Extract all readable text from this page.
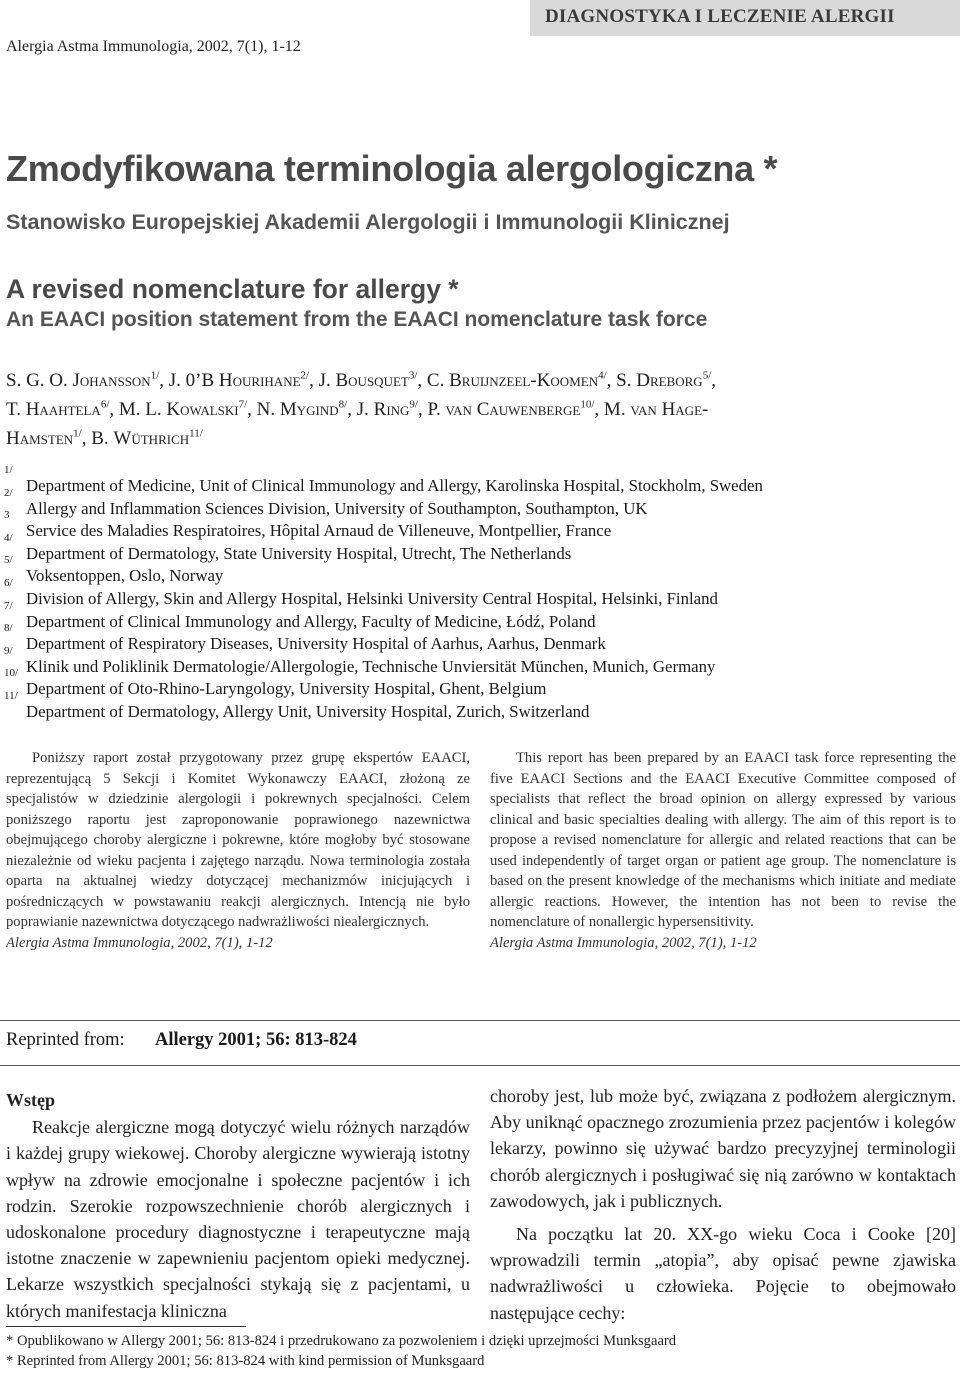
DIAGNOSTYKA I LECZENIE ALERGII
Alergia Astma Immunologia, 2002, 7(1), 1-12
Zmodyfikowana terminologia alergologiczna *
Stanowisko Europejskiej Akademii Alergologii i Immunologii Klinicznej
A revised nomenclature for allergy *
An EAACI position statement from the EAACI nomenclature task force
S. G. O. Johansson$^{1/}$, J. 0’B Hourihane$^{2/}$, J. Bousquet$^{3/}$, C. Bruijnzeel-Koomen$^{4/}$, S. Dreborg$^{5/}$,
T. Haahtela$^{6/}$, M. L. Kowalski$^{7/}$, N. Mygind$^{8/}$, J. Ring$^{9/}$, P. van Cauwenberge$^{10/}$, M. van Hage-
Hamsten$^{1/}$, B. Wüthrich$^{11/}$
1/
Department of Medicine, Unit of Clinical Immunology and Allergy, Karolinska Hospital, Stockholm, Sweden
2/
Allergy and Inflammation Sciences Division, University of Southampton, Southampton, UK
3
Service des Maladies Respiratoires, Hôpital Arnaud de Villeneuve, Montpellier, France
4/
Department of Dermatology, State University Hospital, Utrecht, The Netherlands
5/
Voksentoppen, Oslo, Norway
6/
Division of Allergy, Skin and Allergy Hospital, Helsinki University Central Hospital, Helsinki, Finland
7/
Department of Clinical Immunology and Allergy, Faculty of Medicine, Łódź, Poland
8/
Department of Respiratory Diseases, University Hospital of Aarhus, Aarhus, Denmark
9/
Klinik und Poliklinik Dermatologie/Allergologie, Technische Unviersität München, Munich, Germany
10/
Department of Oto-Rhino-Laryngology, University Hospital, Ghent, Belgium
11/
Department of Dermatology, Allergy Unit, University Hospital, Zurich, Switzerland

Poniższy raport został przygotowany przez grupę ekspertów EAACI, reprezentującą 5 Sekcji i Komitet Wykonawczy EAACI, złożoną ze specjalistów w dziedzinie alergologii i pokrewnych specjalności. Celem poniższego raportu jest zaproponowanie poprawionego nazewnictwa obejmującego choroby alergiczne i pokrewne, które mogłoby być stosowane niezależnie od wieku pacjenta i zajętego narządu. Nowa terminologia została oparta na aktualnej wiedzy dotyczącej mechanizmów inicjujących i pośredniczących w powstawaniu reakcji alergicznych. Intencją nie było poprawianie nazewnictwa dotyczącego nadwrażliwości niealergicznych.

Alergia Astma Immunologia, 2002, 7(1), 1-12

This report has been prepared by an EAACI task force representing the five EAACI Sections and the EAACI Executive Committee composed of specialists that reflect the broad opinion on allergy expressed by various clinical and basic specialties dealing with allergy. The aim of this report is to propose a revised nomenclature for allergic and related reactions that can be used independently of target organ or patient age group. The nomenclature is based on the present knowledge of the mechanisms which initiate and mediate allergic reactions. However, the intention has not been to revise the nomenclature of nonallergic hypersensitivity.

Alergia Astma Immunologia, 2002, 7(1), 1-12

Reprinted from: Allergy 2001; 56: 813-824

Wstęp

Reakcje alergiczne mogą dotyczyć wielu różnych narządów i każdej grupy wiekowej. Choroby alergiczne wywierają istotny wpływ na zdrowie emocjonalne i społeczne pacjentów i ich rodzin. Szerokie rozpowszechnienie chorób alergicznych i udoskonalone procedury diagnostyczne i terapeutyczne mają istotne znaczenie w zapewnieniu pacjentom opieki medycznej. Lekarze wszystkich specjalności stykają się z pacjentami, u których manifestacja kliniczna

choroby jest, lub może być, związana z podłożem alergicznym. Aby uniknąć opacznego zrozumienia przez pacjentów i kolegów lekarzy, powinno się używać bardzo precyzyjnej terminologii chorób alergicznych i posługiwać się nią zarówno w kontaktach zawodowych, jak i publicznych.

Na początku lat 20. XX-go wieku Coca i Cooke [20] wprowadzili termin „atopia”, aby opisać pewne zjawiska nadwrażliwości u człowieka. Pojęcie to obejmowało następujące cechy:

* Opublikowano w Allergy 2001; 56: 813-824 i przedrukowano za pozwoleniem i dzięki uprzejmości Munksgaard
* Reprinted from Allergy 2001; 56: 813-824 with kind permission of Munksgaard
